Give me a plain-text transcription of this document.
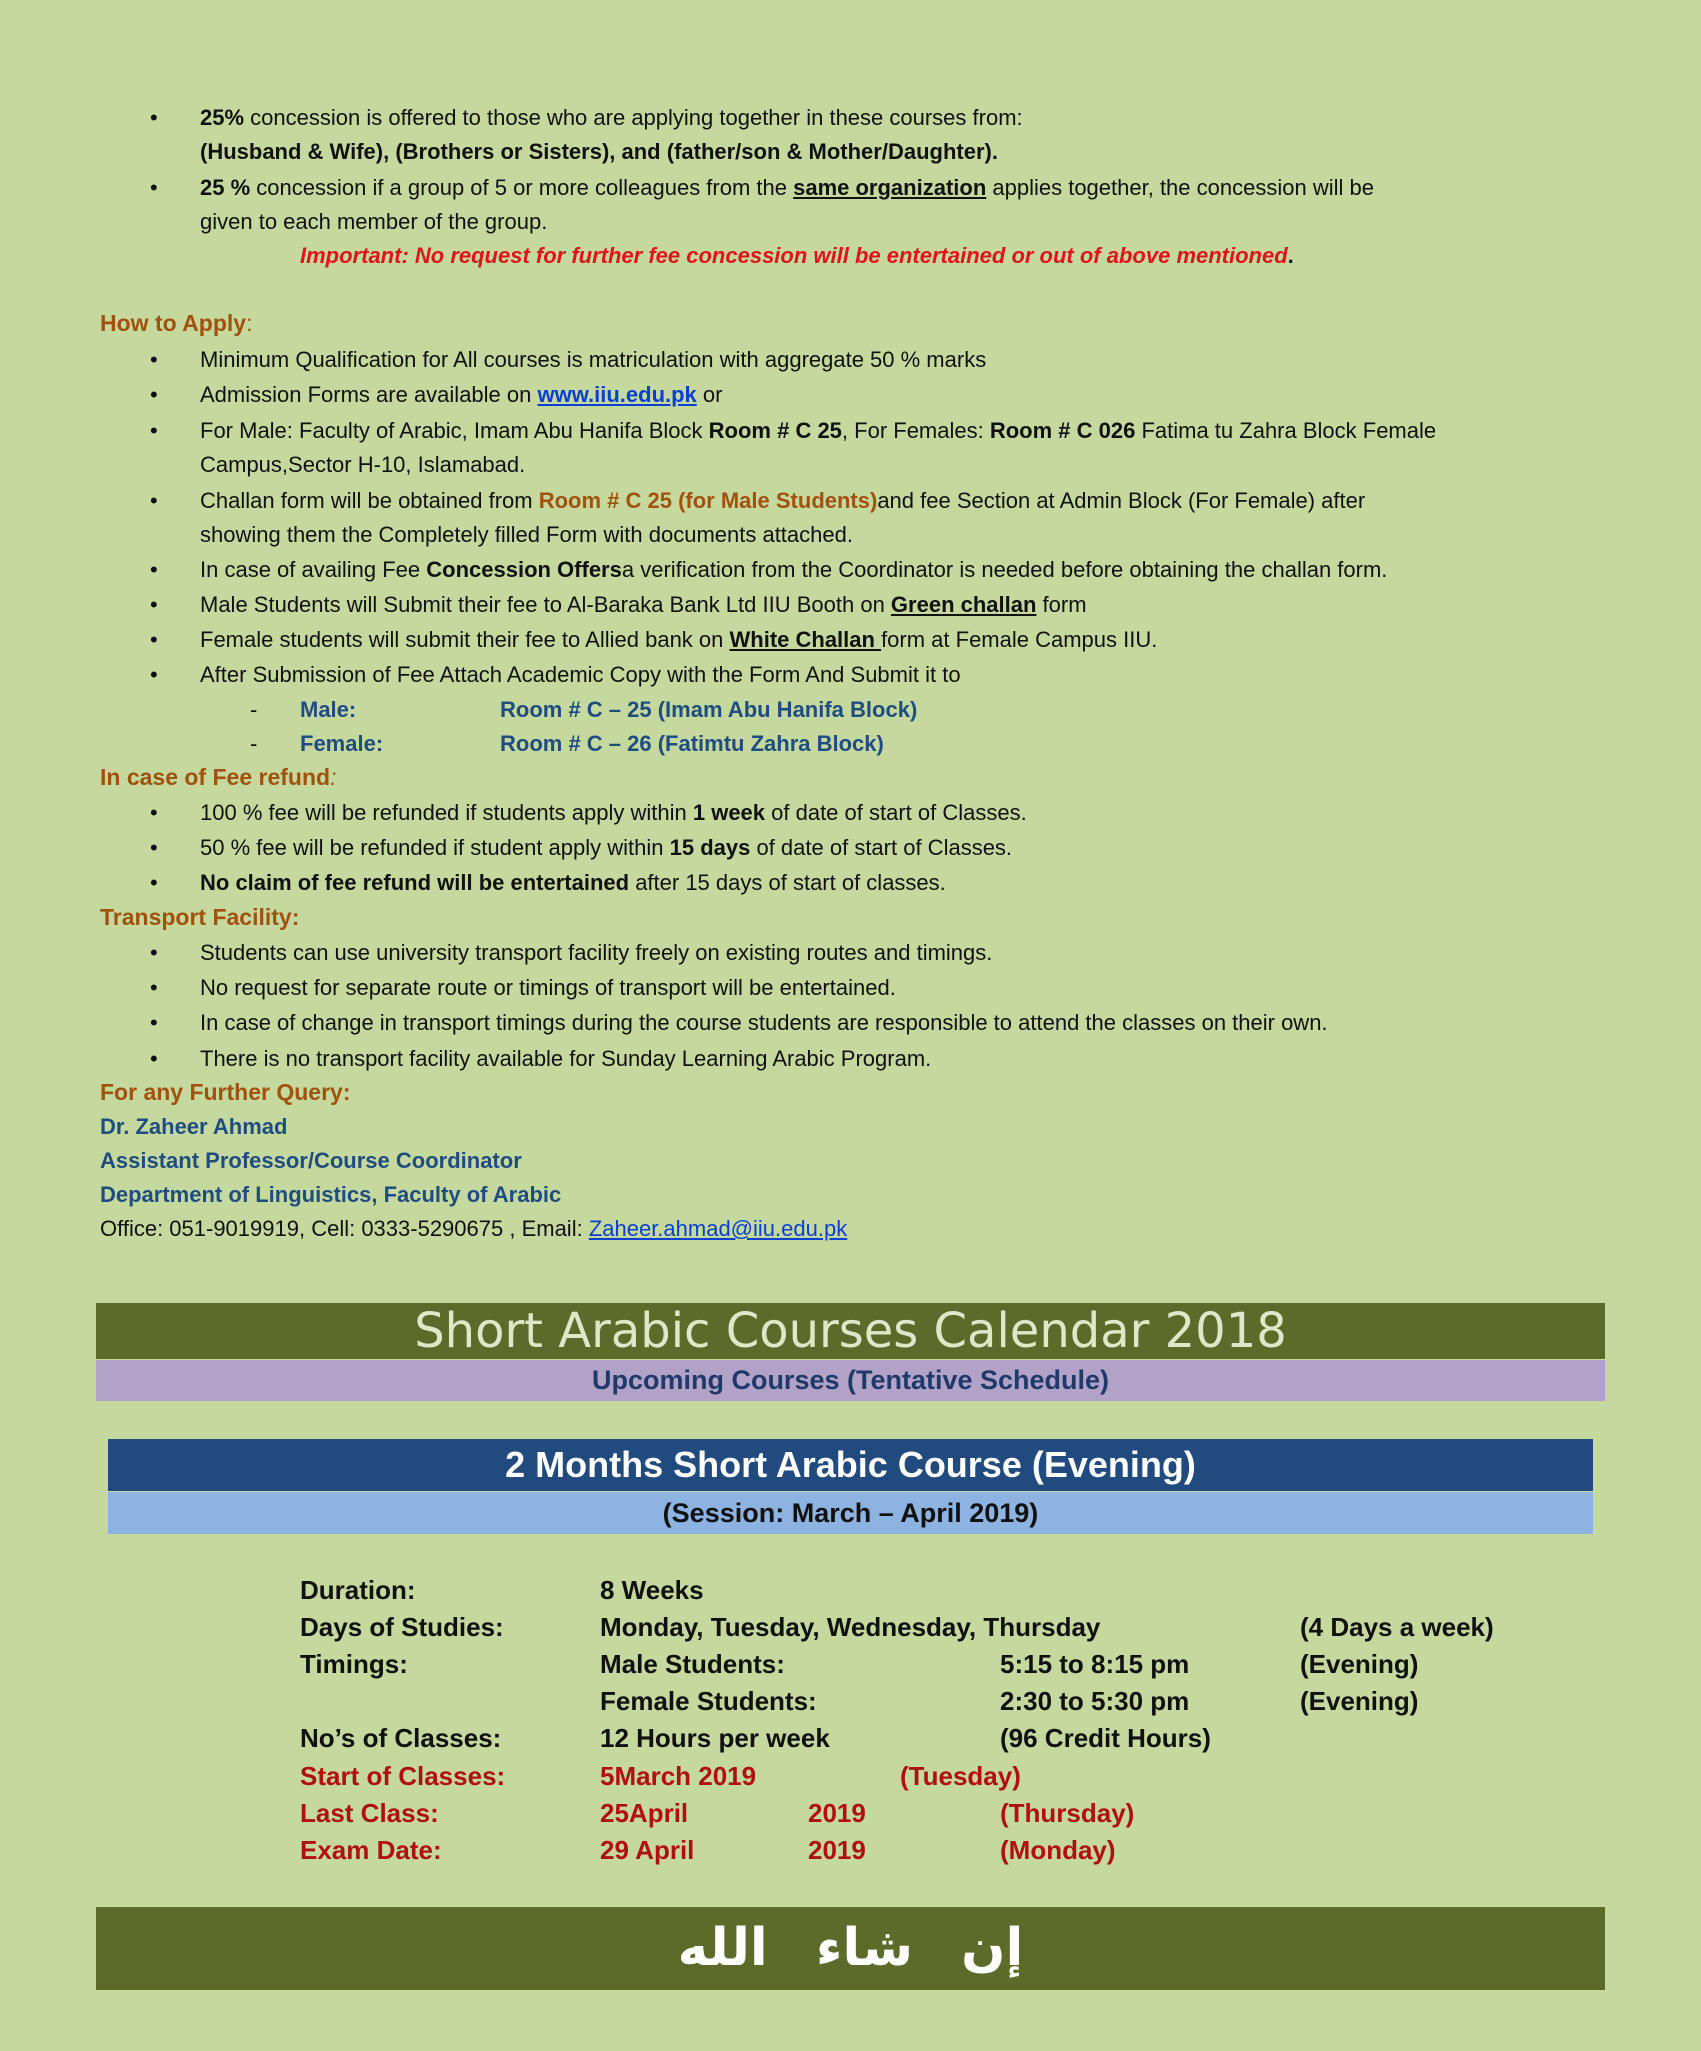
• 25% concession is offered to those who are applying together in these courses from:
(Husband & Wife), (Brothers or Sisters), and (father/son & Mother/Daughter).
• 25 % concession if a group of 5 or more colleagues from the same organization applies together, the concession will be
given to each member of the group.
Important: No request for further fee concession will be entertained or out of above mentioned.
How to Apply:
• Minimum Qualification for All courses is matriculation with aggregate 50 % marks
• Admission Forms are available on www.iiu.edu.pk or
• For Male: Faculty of Arabic, Imam Abu Hanifa Block Room # C 25, For Females: Room # C 026 Fatima tu Zahra Block Female
Campus,Sector H-10, Islamabad.
• Challan form will be obtained from Room # C 25 (for Male Students)and fee Section at Admin Block (For Female) after
showing them the Completely filled Form with documents attached.
• In case of availing Fee Concession Offersa verification from the Coordinator is needed before obtaining the challan form.
• Male Students will Submit their fee to Al-Baraka Bank Ltd IIU Booth on Green challan form
• Female students will submit their fee to Allied bank on White Challan form at Female Campus IIU.
• After Submission of Fee Attach Academic Copy with the Form And Submit it to
- Male:	Room # C – 25 (Imam Abu Hanifa Block)
- Female:	Room # C – 26 (Fatimtu Zahra Block)
In case of Fee refund:
• 100 % fee will be refunded if students apply within 1 week of date of start of Classes.
• 50 % fee will be refunded if student apply within 15 days of date of start of Classes.
• No claim of fee refund will be entertained after 15 days of start of classes.
Transport Facility:
• Students can use university transport facility freely on existing routes and timings.
• No request for separate route or timings of transport will be entertained.
• In case of change in transport timings during the course students are responsible to attend the classes on their own.
• There is no transport facility available for Sunday Learning Arabic Program.
For any Further Query:
Dr. Zaheer Ahmad
Assistant Professor/Course Coordinator
Department of Linguistics, Faculty of Arabic
Office: 051-9019919, Cell: 0333-5290675 , Email: Zaheer.ahmad@iiu.edu.pk
Short Arabic Courses Calendar 2018
Upcoming Courses (Tentative Schedule)
2 Months Short Arabic Course (Evening)
(Session: March – April 2019)
Duration:	8 Weeks
Days of Studies:	Monday, Tuesday, Wednesday, Thursday	(4 Days a week)
Timings:	Male Students:	5:15 to 8:15 pm	(Evening)
Female Students:	2:30 to 5:30 pm	(Evening)
No’s of Classes:	12 Hours per week	(96 Credit Hours)
Start of Classes:	5March 2019	(Tuesday)
Last Class:	25April	2019	(Thursday)
Exam Date:	29 April	2019	(Monday)
إن شاء الله
